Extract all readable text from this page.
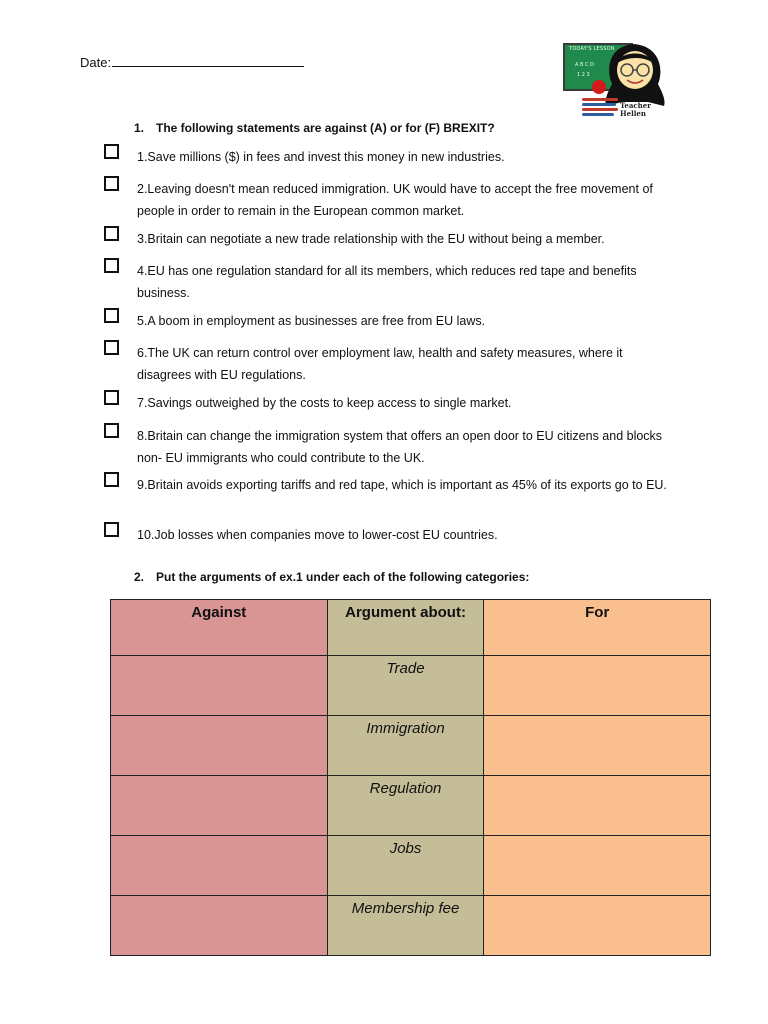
Date:
TODAY'S LESSON
A B C D
1 2 3
Teacher
Hellen
1. The following statements are against (A) or for (F) BREXIT?
1.Save millions ($) in fees and invest this money in new industries.
2.Leaving doesn't mean reduced immigration. UK would have to accept the free movement of people in order to remain in the European common market.
3.Britain can negotiate a new trade relationship with the EU without being a member.
4.EU has one regulation standard for all its members, which reduces red tape and benefits business.
5.A boom in employment as businesses are free from EU laws.
6.The UK can return control over employment law, health and safety measures, where it disagrees with EU regulations.
7.Savings outweighed by the costs to keep access to single market.
8.Britain can change the immigration system that offers an open door to EU citizens and blocks non- EU immigrants who could contribute to the UK.
9.Britain avoids exporting tariffs and red tape, which is important as 45% of its exports go to EU.
10.Job losses when companies move to lower-cost EU countries.
2. Put the arguments of ex.1 under each of the following categories:
Against	Argument about:	For
	Trade	
	Immigration	
	Regulation	
	Jobs	
	Membership fee	
